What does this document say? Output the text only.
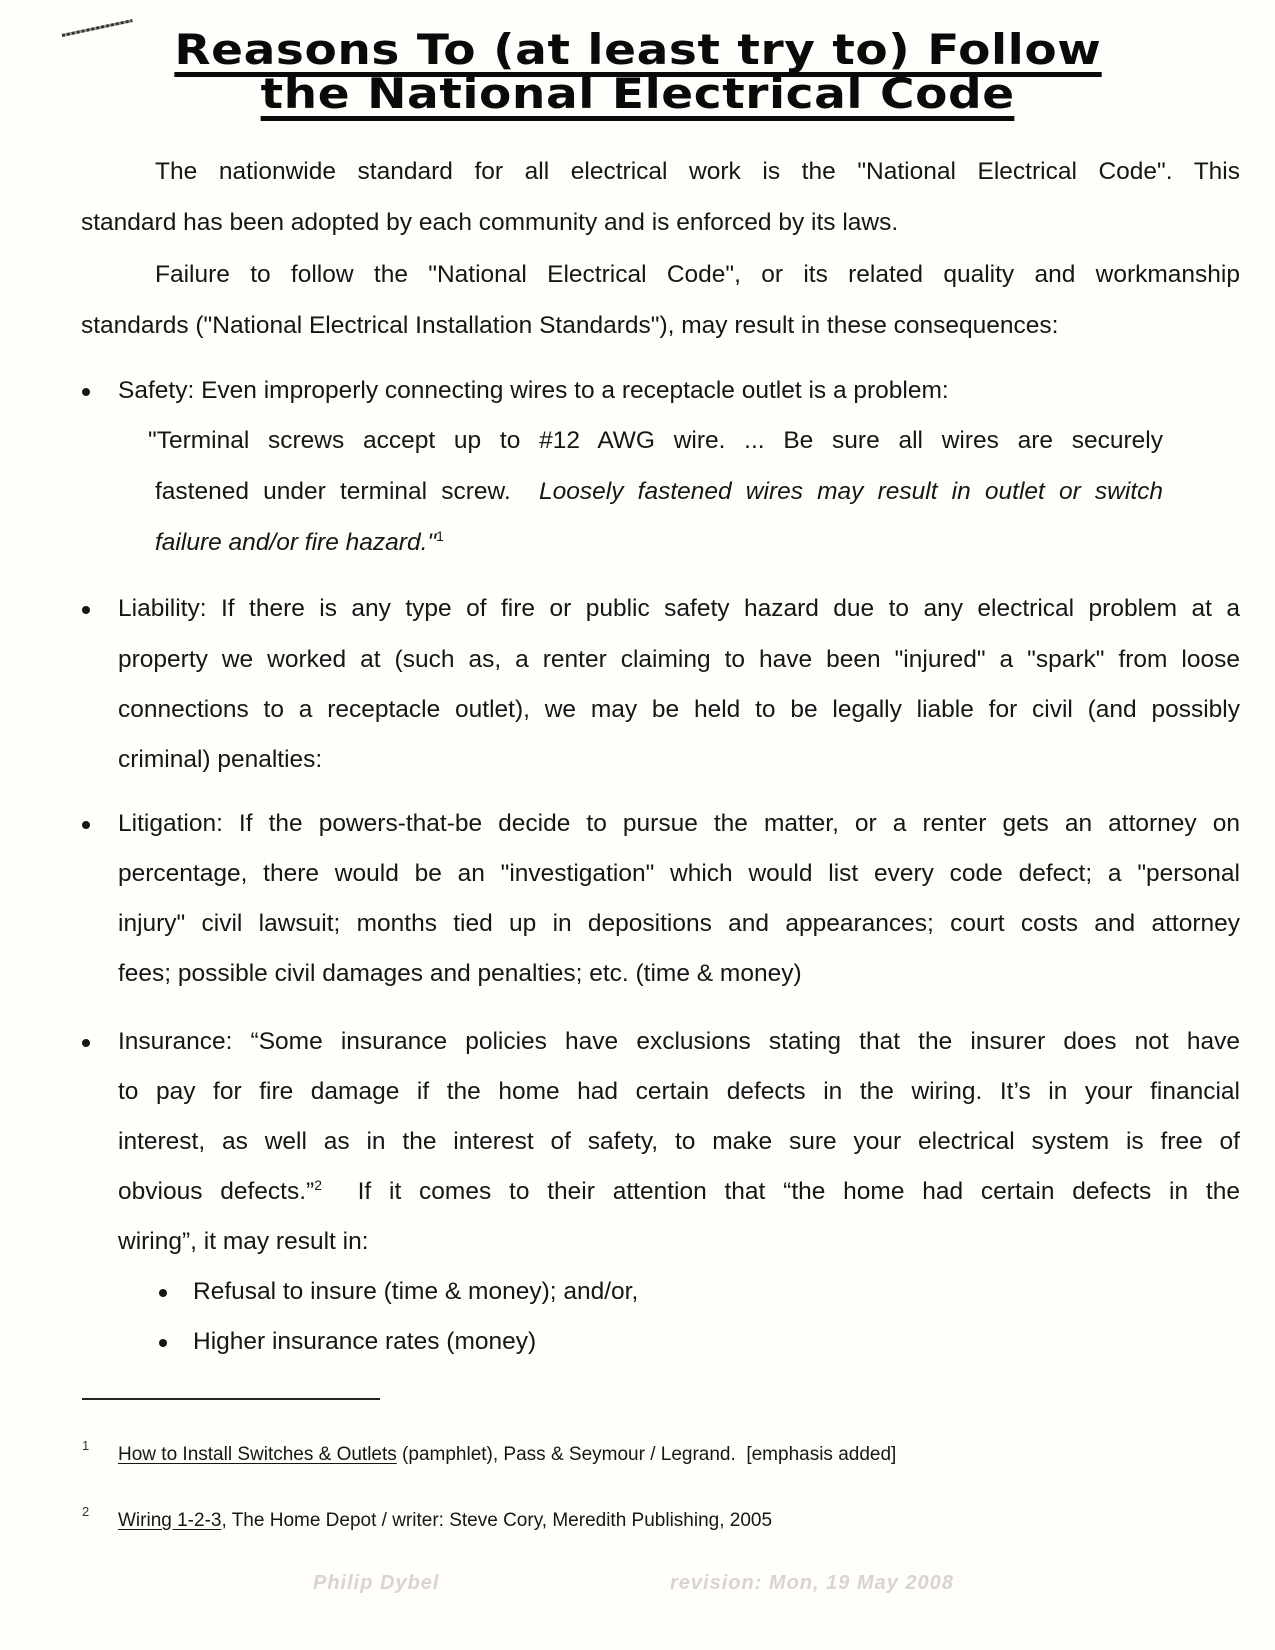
Reasons To (at least try to) Follow
the National Electrical Code
The nationwide standard for all electrical work is the "National Electrical Code". This
standard has been adopted by each community and is enforced by its laws.
Failure to follow the "National Electrical Code", or its related quality and workmanship
standards ("National Electrical Installation Standards"), may result in these consequences:
Safety: Even improperly connecting wires to a receptacle outlet is a problem:
"Terminal screws accept up to #12 AWG wire. ... Be sure all wires are securely
fastened under terminal screw.  Loosely fastened wires may result in outlet or switch
failure and/or fire hazard."$^1$
Liability: If there is any type of fire or public safety hazard due to any electrical problem at a
property we worked at (such as, a renter claiming to have been "injured" a "spark" from loose
connections to a receptacle outlet), we may be held to be legally liable for civil (and possibly
criminal) penalties:
Litigation: If the powers-that-be decide to pursue the matter, or a renter gets an attorney on
percentage, there would be an "investigation" which would list every code defect; a "personal
injury" civil lawsuit; months tied up in depositions and appearances; court costs and attorney
fees; possible civil damages and penalties; etc. (time & money)
Insurance: “Some insurance policies have exclusions stating that the insurer does not have
to pay for fire damage if the home had certain defects in the wiring. It’s in your financial
interest, as well as in the interest of safety, to make sure your electrical system is free of
obvious defects.”$^2$  If it comes to their attention that “the home had certain defects in the
wiring”, it may result in:
Refusal to insure (time & money); and/or,
Higher insurance rates (money)
1 How to Install Switches & Outlets (pamphlet), Pass & Seymour / Legrand.  [emphasis added]
2 Wiring 1-2-3, The Home Depot / writer: Steve Cory, Meredith Publishing, 2005
Philip Dybel	revision: Mon, 19 May 2008
